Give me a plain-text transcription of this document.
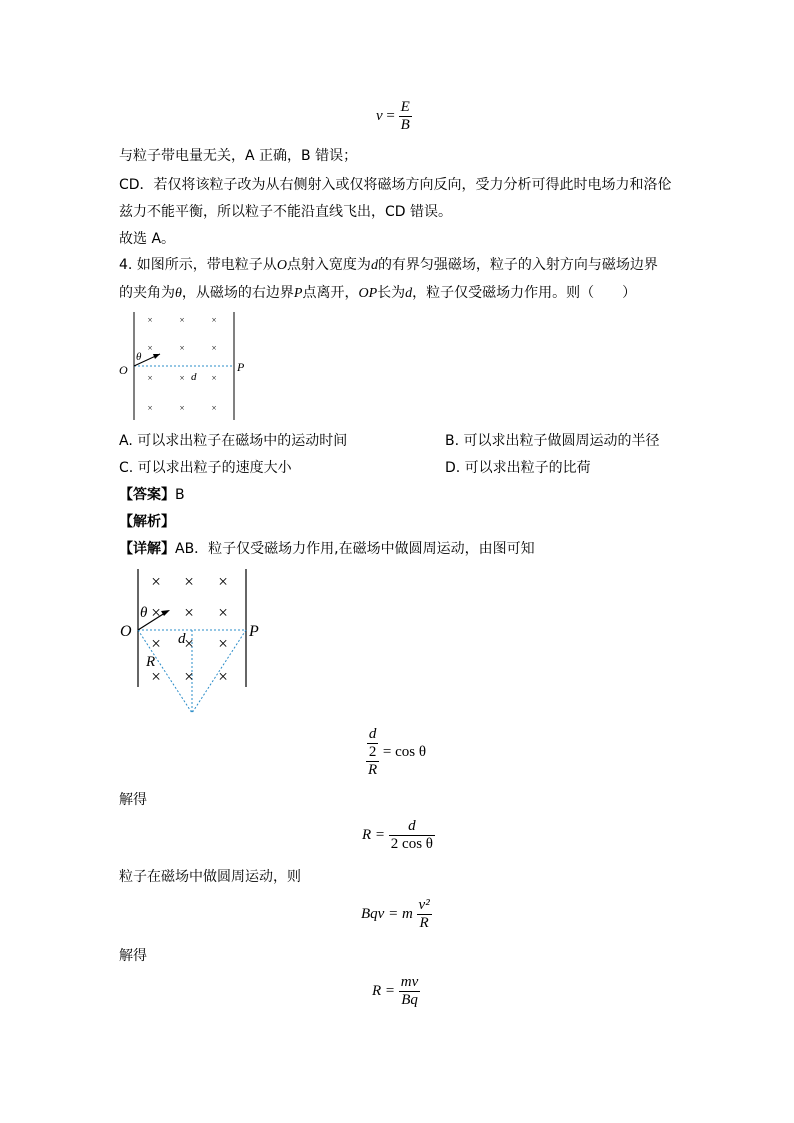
$v = \frac{E}{B}$
与粒子带电量无关，A 正确，B 错误；
CD．若仅将该粒子改为从右侧射入或仅将磁场方向反向，受力分析可得此时电场力和洛伦
兹力不能平衡，所以粒子不能沿直线飞出，CD 错误。
故选 A。
4. 如图所示，带电粒子从O点射入宽度为d的有界匀强磁场，粒子的入射方向与磁场边界
的夹角为θ，从磁场的右边界P点离开，OP长为d，粒子仅受磁场力作用。则（　　）
×	×	×
×	×	×
×	×	×
×	×	×
O	P
θ
d
A. 可以求出粒子在磁场中的运动时间	B. 可以求出粒子做圆周运动的半径
C. 可以求出粒子的速度大小	D. 可以求出粒子的比荷
【答案】B
【解析】
【详解】AB．粒子仅受磁场力作用,在磁场中做圆周运动，由图可知
× × ×
× × ×
× × ×
× × ×
O	P
θ
d
R
$\frac{\frac{d}{2}}{R} = \cos \theta$
解得
$R = \frac{d}{\text{2 cos θ}}$
粒子在磁场中做圆周运动，则
Bqv = m $\frac{\text{v²}}{R}$
解得
$R = \frac{mv}{Bq}$
